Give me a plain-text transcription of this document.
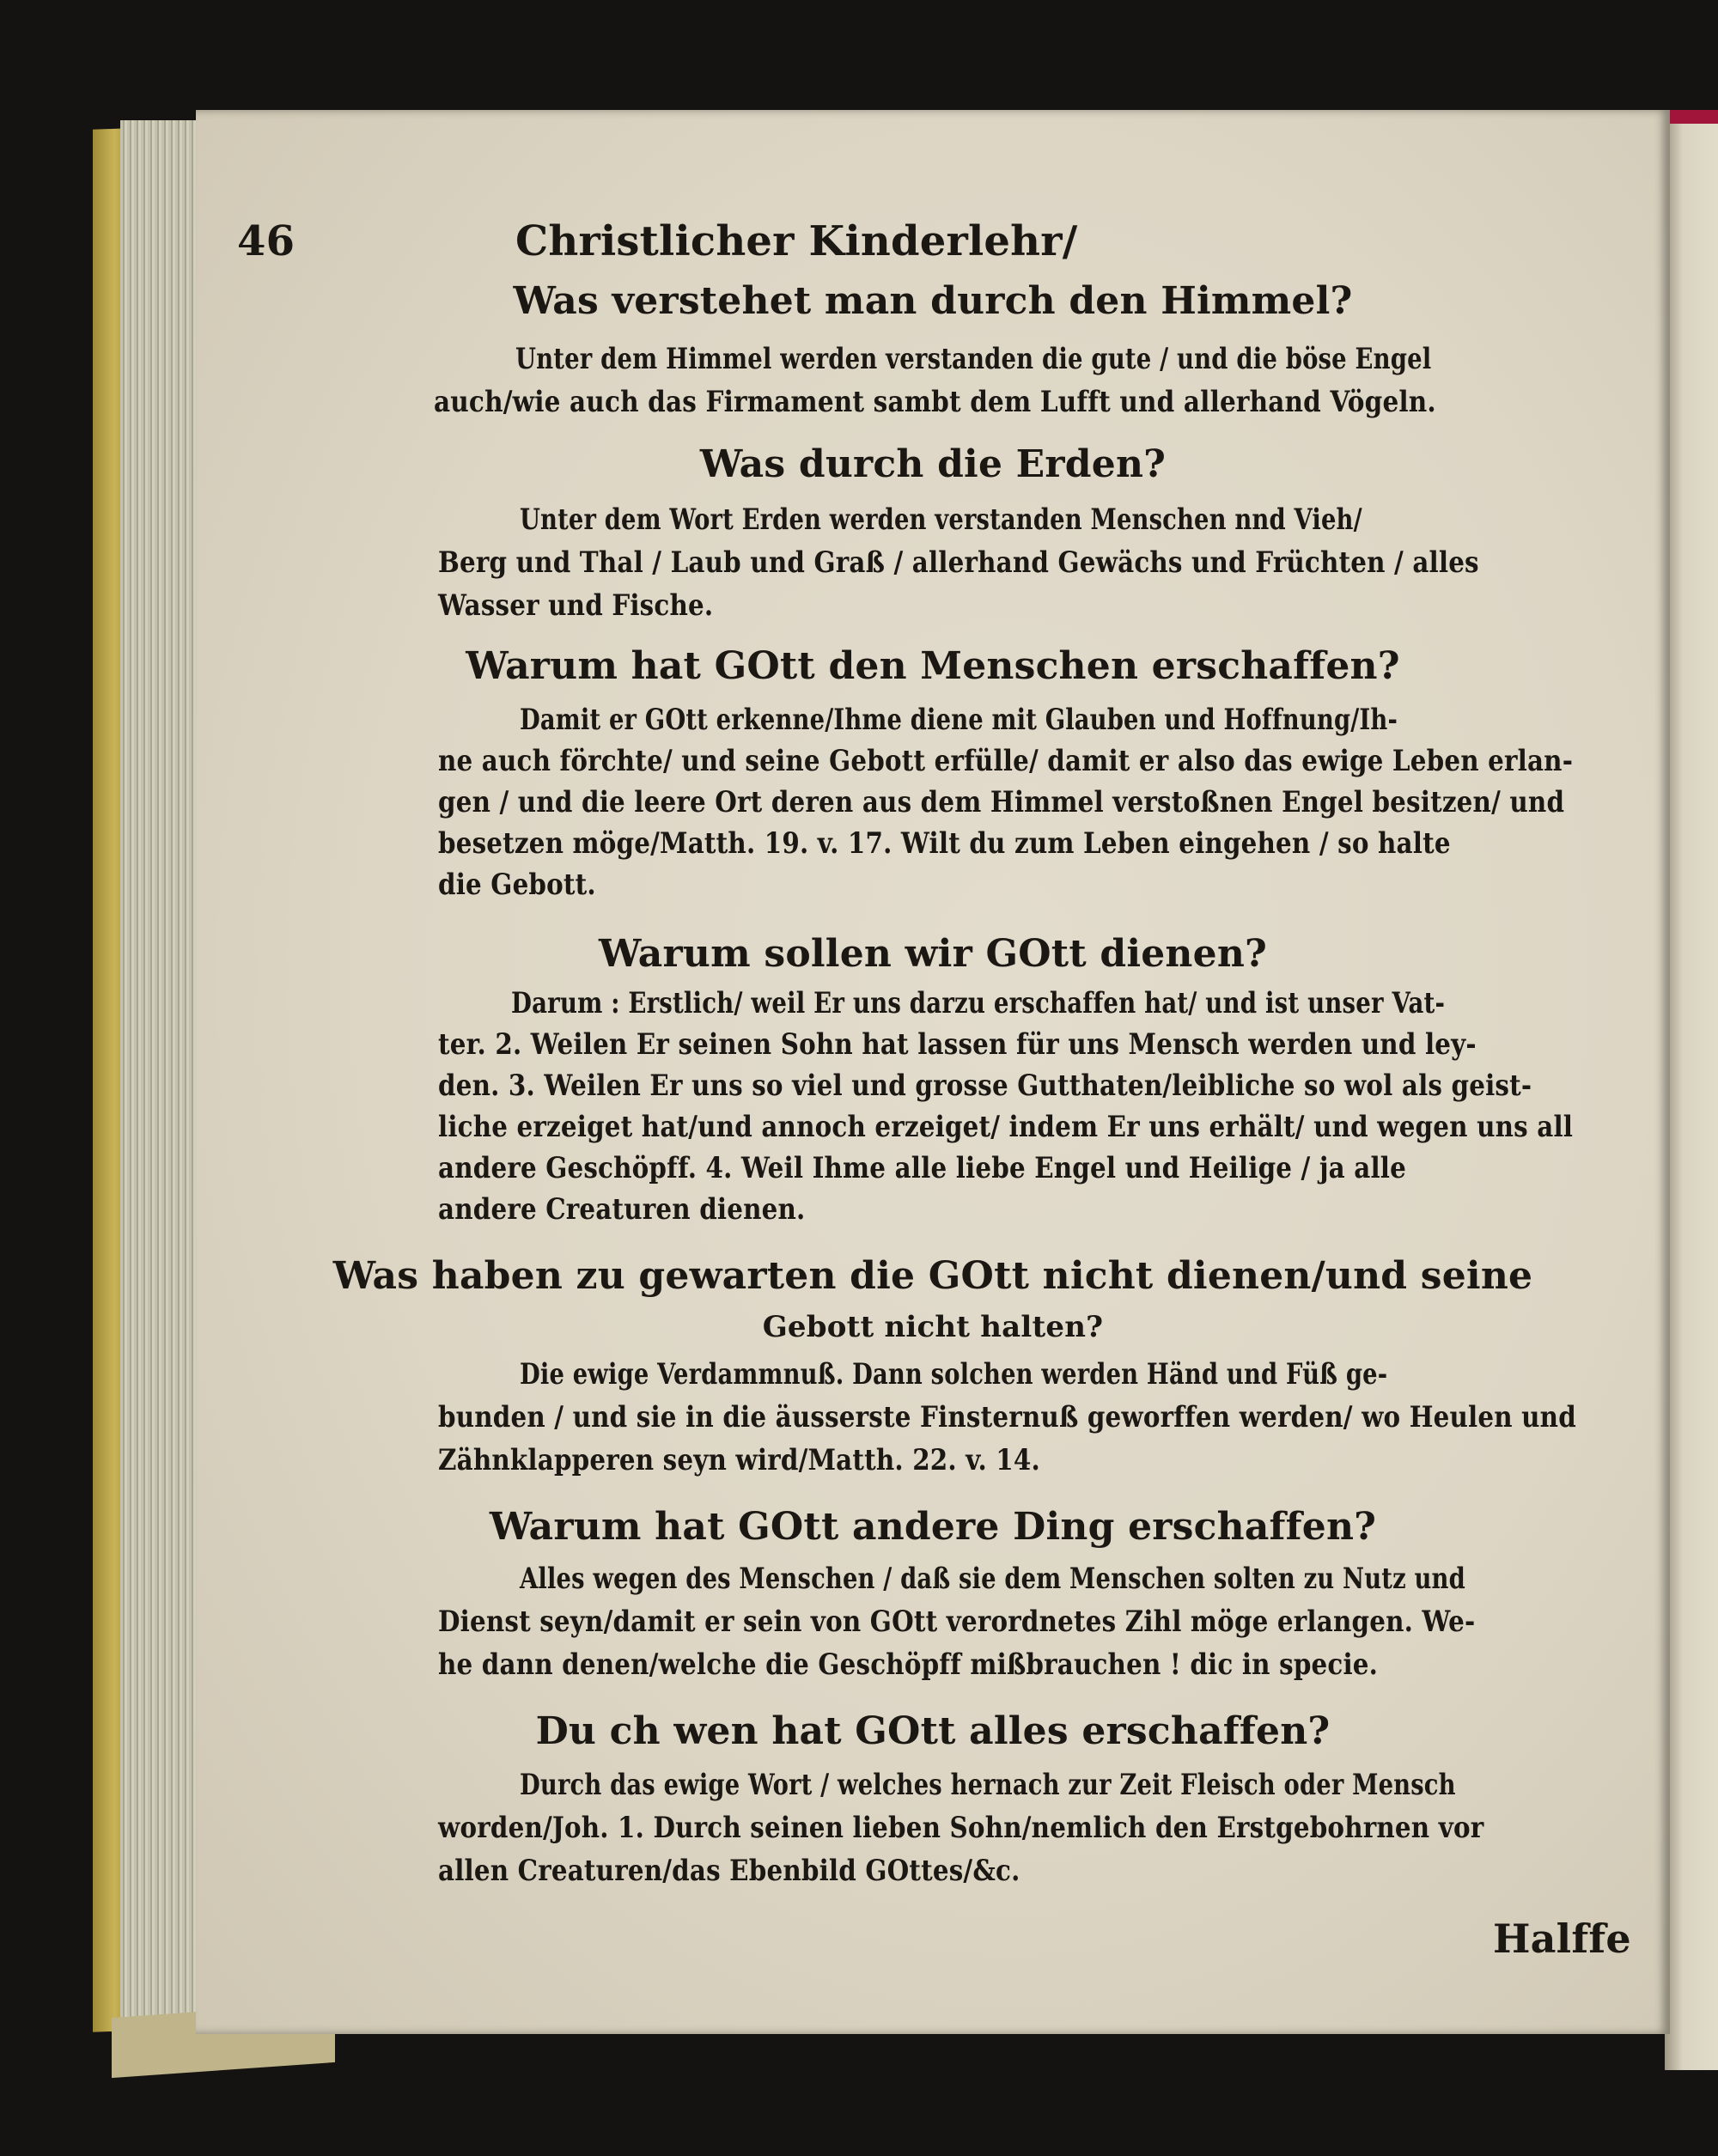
46	Christlicher Kinderlehr/

Was verstehet man durch den Himmel?

Unter dem Himmel werden verstanden die gute / und die böse Engel

auch/wie auch das Firmament sambt dem Lufft und allerhand Vögeln.

Was durch die Erden?

Unter dem Wort Erden werden verstanden Menschen nnd Vieh/

Berg und Thal / Laub und Graß / allerhand Gewächs und Früchten / alles

Wasser und Fische.

Warum hat GOtt den Menschen erschaffen?

Damit er GOtt erkenne/Ihme diene mit Glauben und Hoffnung/Ih-

ne auch förchte/ und seine Gebott erfülle/ damit er also das ewige Leben erlan-

gen / und die leere Ort deren aus dem Himmel verstoßnen Engel besitzen/ und

besetzen möge/Matth. 19. v. 17. Wilt du zum Leben eingehen / so halte

die Gebott.

Warum sollen wir GOtt dienen?

Darum : Erstlich/ weil Er uns darzu erschaffen hat/ und ist unser Vat-

ter. 2. Weilen Er seinen Sohn hat lassen für uns Mensch werden und ley-

den. 3. Weilen Er uns so viel und grosse Gutthaten/leibliche so wol als geist-

liche erzeiget hat/und annoch erzeiget/ indem Er uns erhält/ und wegen uns all

andere Geschöpff. 4. Weil Ihme alle liebe Engel und Heilige / ja alle

andere Creaturen dienen.

Was haben zu gewarten die GOtt nicht dienen/und seine

Gebott nicht halten?

Die ewige Verdammnuß. Dann solchen werden Händ und Füß ge-

bunden / und sie in die äusserste Finsternuß geworffen werden/ wo Heulen und

Zähnklapperen seyn wird/Matth. 22. v. 14.

Warum hat GOtt andere Ding erschaffen?

Alles wegen des Menschen / daß sie dem Menschen solten zu Nutz und

Dienst seyn/damit er sein von GOtt verordnetes Zihl möge erlangen. We-

he dann denen/welche die Geschöpff mißbrauchen ! dic in specie.

Du ch wen hat GOtt alles erschaffen?

Durch das ewige Wort / welches hernach zur Zeit Fleisch oder Mensch

worden/Joh. 1. Durch seinen lieben Sohn/nemlich den Erstgebohrnen vor

allen Creaturen/das Ebenbild GOttes/&c.

Halffe
